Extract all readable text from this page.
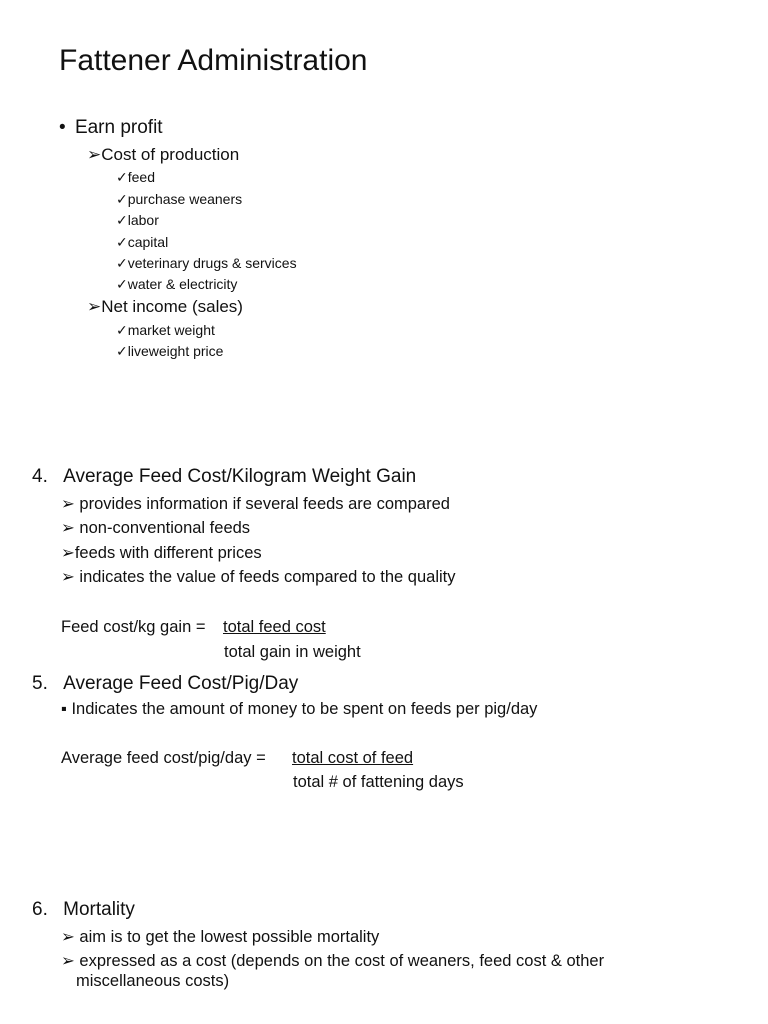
Fattener Administration
• Earn profit
➢Cost of production
✓feed
✓purchase weaners
✓labor
✓capital
✓veterinary drugs & services
✓water & electricity
➢Net income (sales)
✓market weight
✓liveweight price
4. Average Feed Cost/Kilogram Weight Gain
➢ provides information if several feeds are compared
➢ non-conventional feeds
➢feeds with different prices
➢ indicates the value of feeds compared to the quality
Feed cost/kg gain = total feed cost
total gain in weight
5. Average Feed Cost/Pig/Day
▪ Indicates the amount of money to be spent on feeds per pig/day
Average feed cost/pig/day = total cost of feed
total # of fattening days
6. Mortality
➢ aim is to get the lowest possible mortality
➢ expressed as a cost (depends on the cost of weaners, feed cost & other
miscellaneous costs)
